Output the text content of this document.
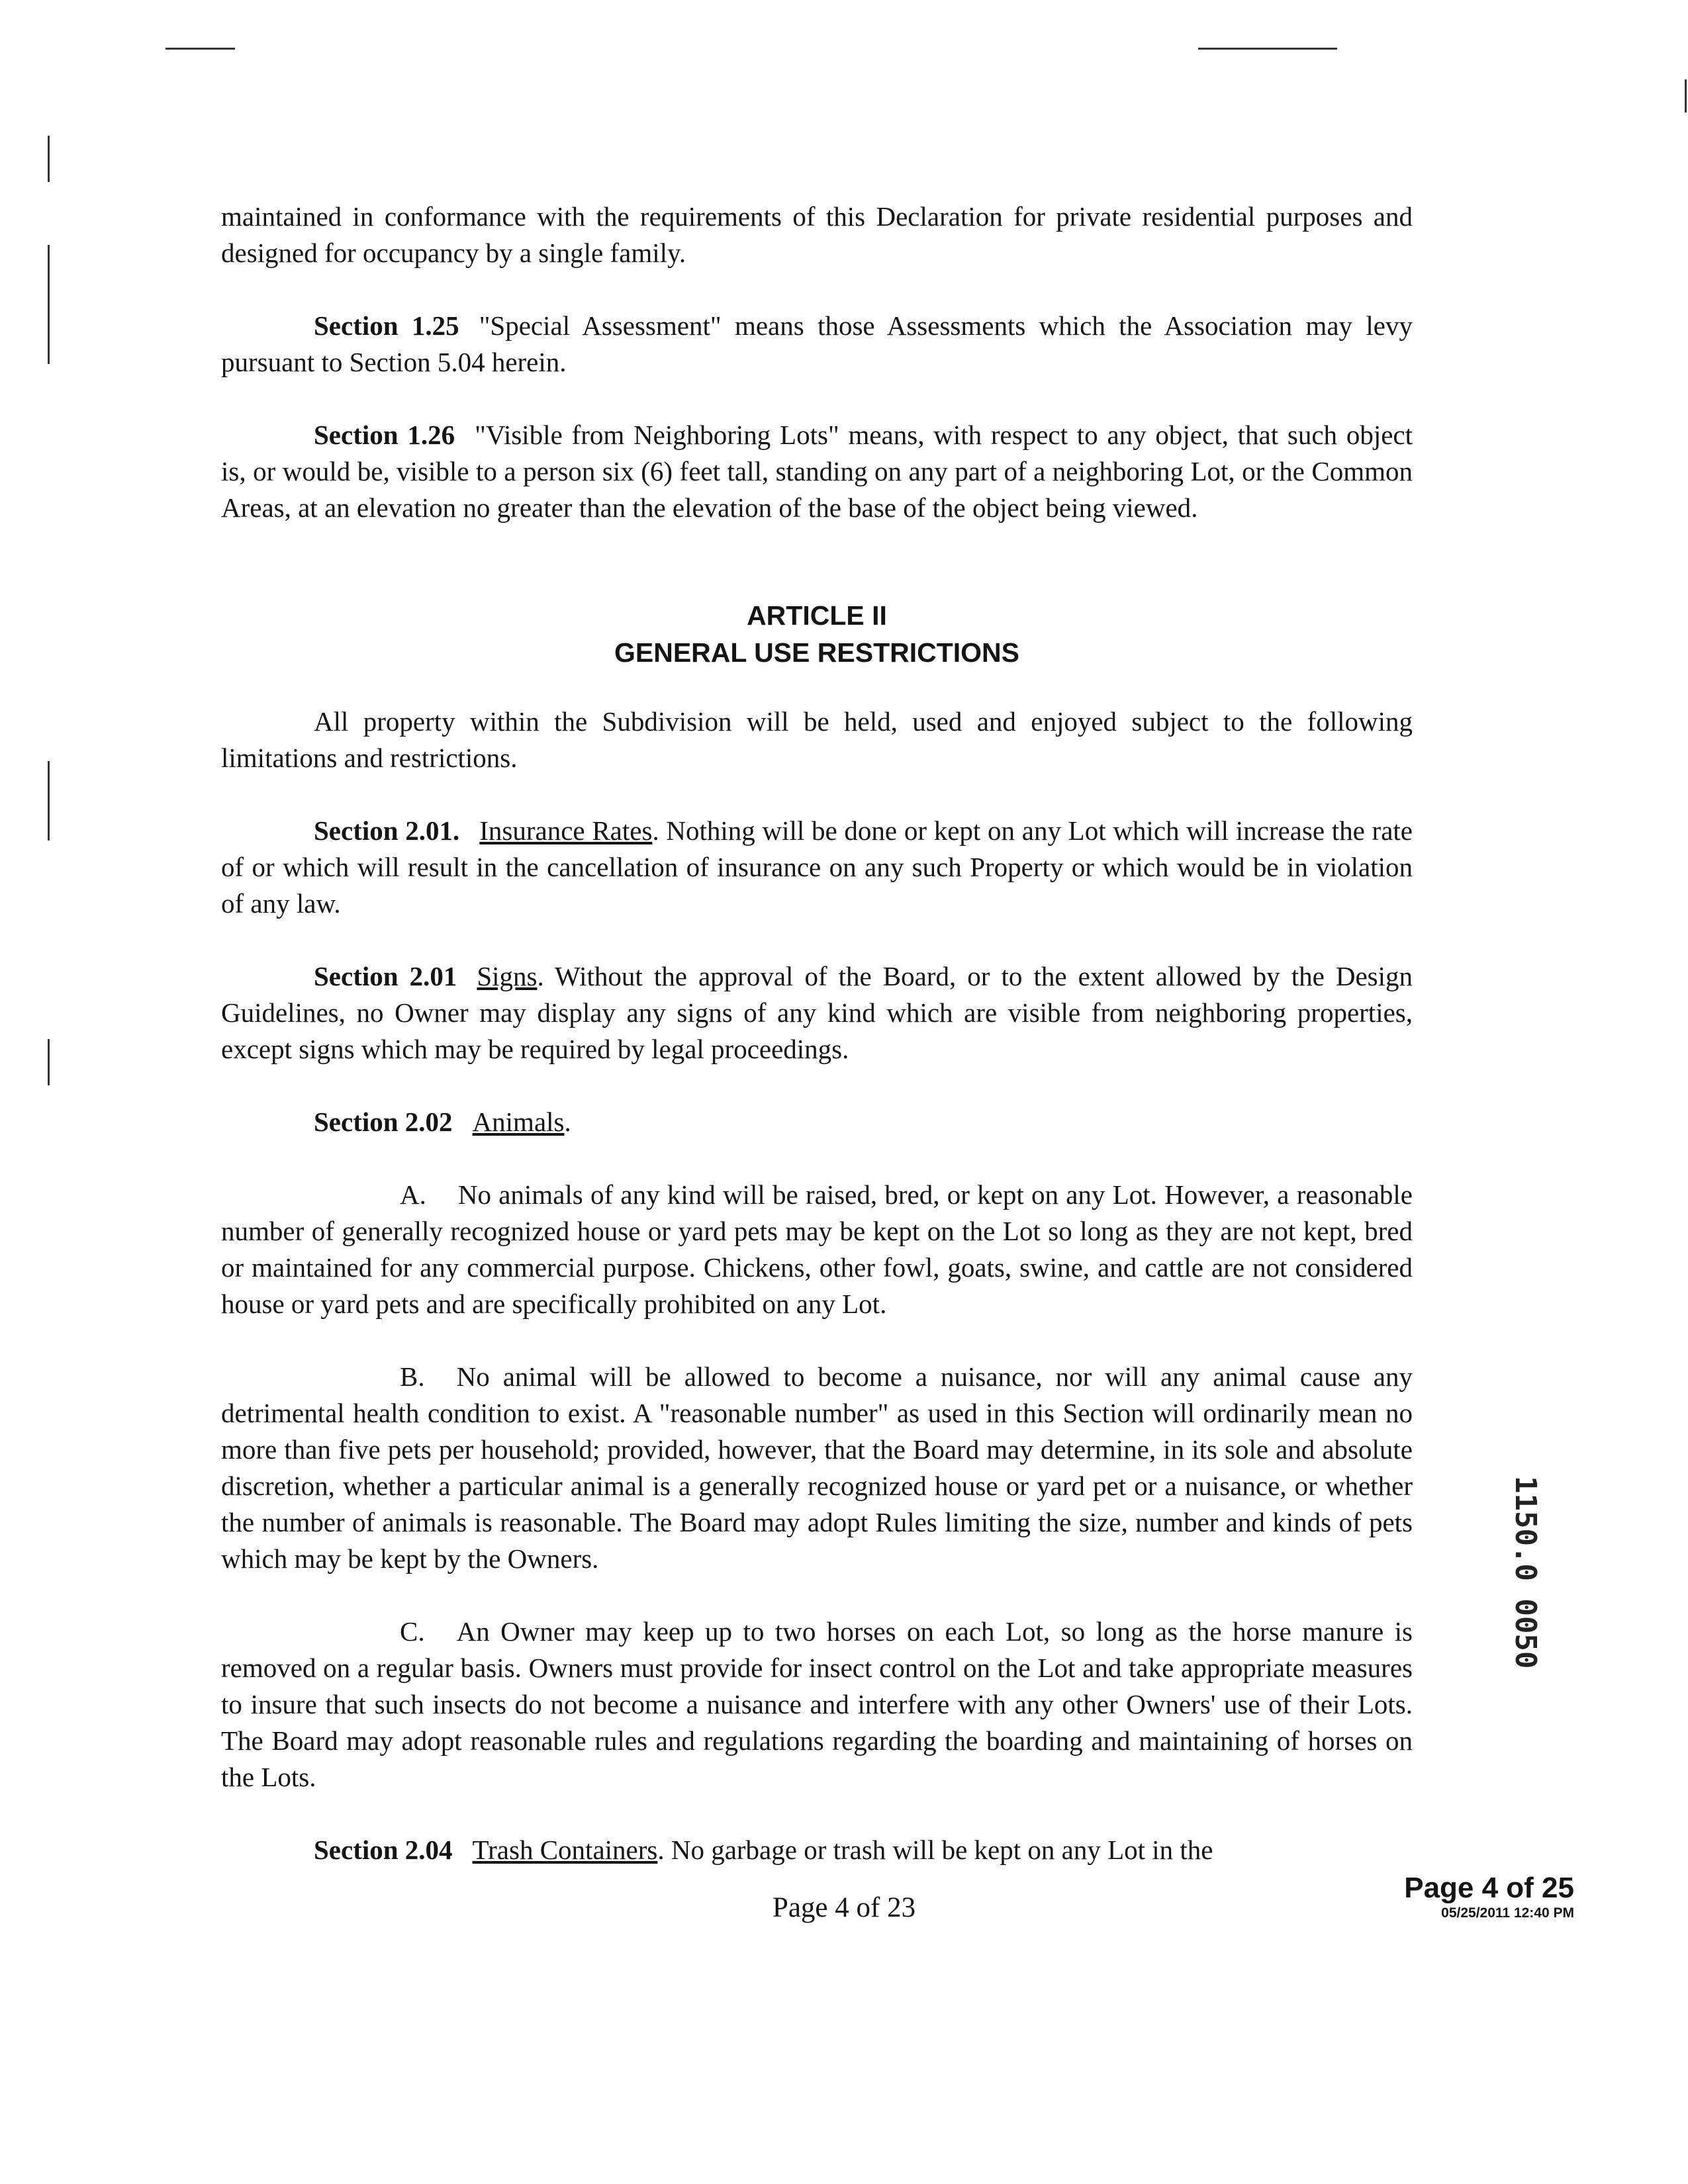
maintained in conformance with the requirements of this Declaration for private residential purposes and designed for occupancy by a single family.

Section 1.25 "Special Assessment" means those Assessments which the Association may levy pursuant to Section 5.04 herein.

Section 1.26 "Visible from Neighboring Lots" means, with respect to any object, that such object is, or would be, visible to a person six (6) feet tall, standing on any part of a neighboring Lot, or the Common Areas, at an elevation no greater than the elevation of the base of the object being viewed.

ARTICLE II
GENERAL USE RESTRICTIONS

All property within the Subdivision will be held, used and enjoyed subject to the following limitations and restrictions.

Section 2.01. Insurance Rates. Nothing will be done or kept on any Lot which will increase the rate of or which will result in the cancellation of insurance on any such Property or which would be in violation of any law.

Section 2.01 Signs. Without the approval of the Board, or to the extent allowed by the Design Guidelines, no Owner may display any signs of any kind which are visible from neighboring properties, except signs which may be required by legal proceedings.

Section 2.02 Animals.

A. No animals of any kind will be raised, bred, or kept on any Lot. However, a reasonable number of generally recognized house or yard pets may be kept on the Lot so long as they are not kept, bred or maintained for any commercial purpose. Chickens, other fowl, goats, swine, and cattle are not considered house or yard pets and are specifically prohibited on any Lot.

B. No animal will be allowed to become a nuisance, nor will any animal cause any detrimental health condition to exist. A "reasonable number" as used in this Section will ordinarily mean no more than five pets per household; provided, however, that the Board may determine, in its sole and absolute discretion, whether a particular animal is a generally recognized house or yard pet or a nuisance, or whether the number of animals is reasonable. The Board may adopt Rules limiting the size, number and kinds of pets which may be kept by the Owners.

C. An Owner may keep up to two horses on each Lot, so long as the horse manure is removed on a regular basis. Owners must provide for insect control on the Lot and take appropriate measures to insure that such insects do not become a nuisance and interfere with any other Owners' use of their Lots. The Board may adopt reasonable rules and regulations regarding the boarding and maintaining of horses on the Lots.

Section 2.04 Trash Containers. No garbage or trash will be kept on any Lot in the

Page 4 of 23
Page 4 of 25
05/25/2011 12:40 PM
1150.0 0050
